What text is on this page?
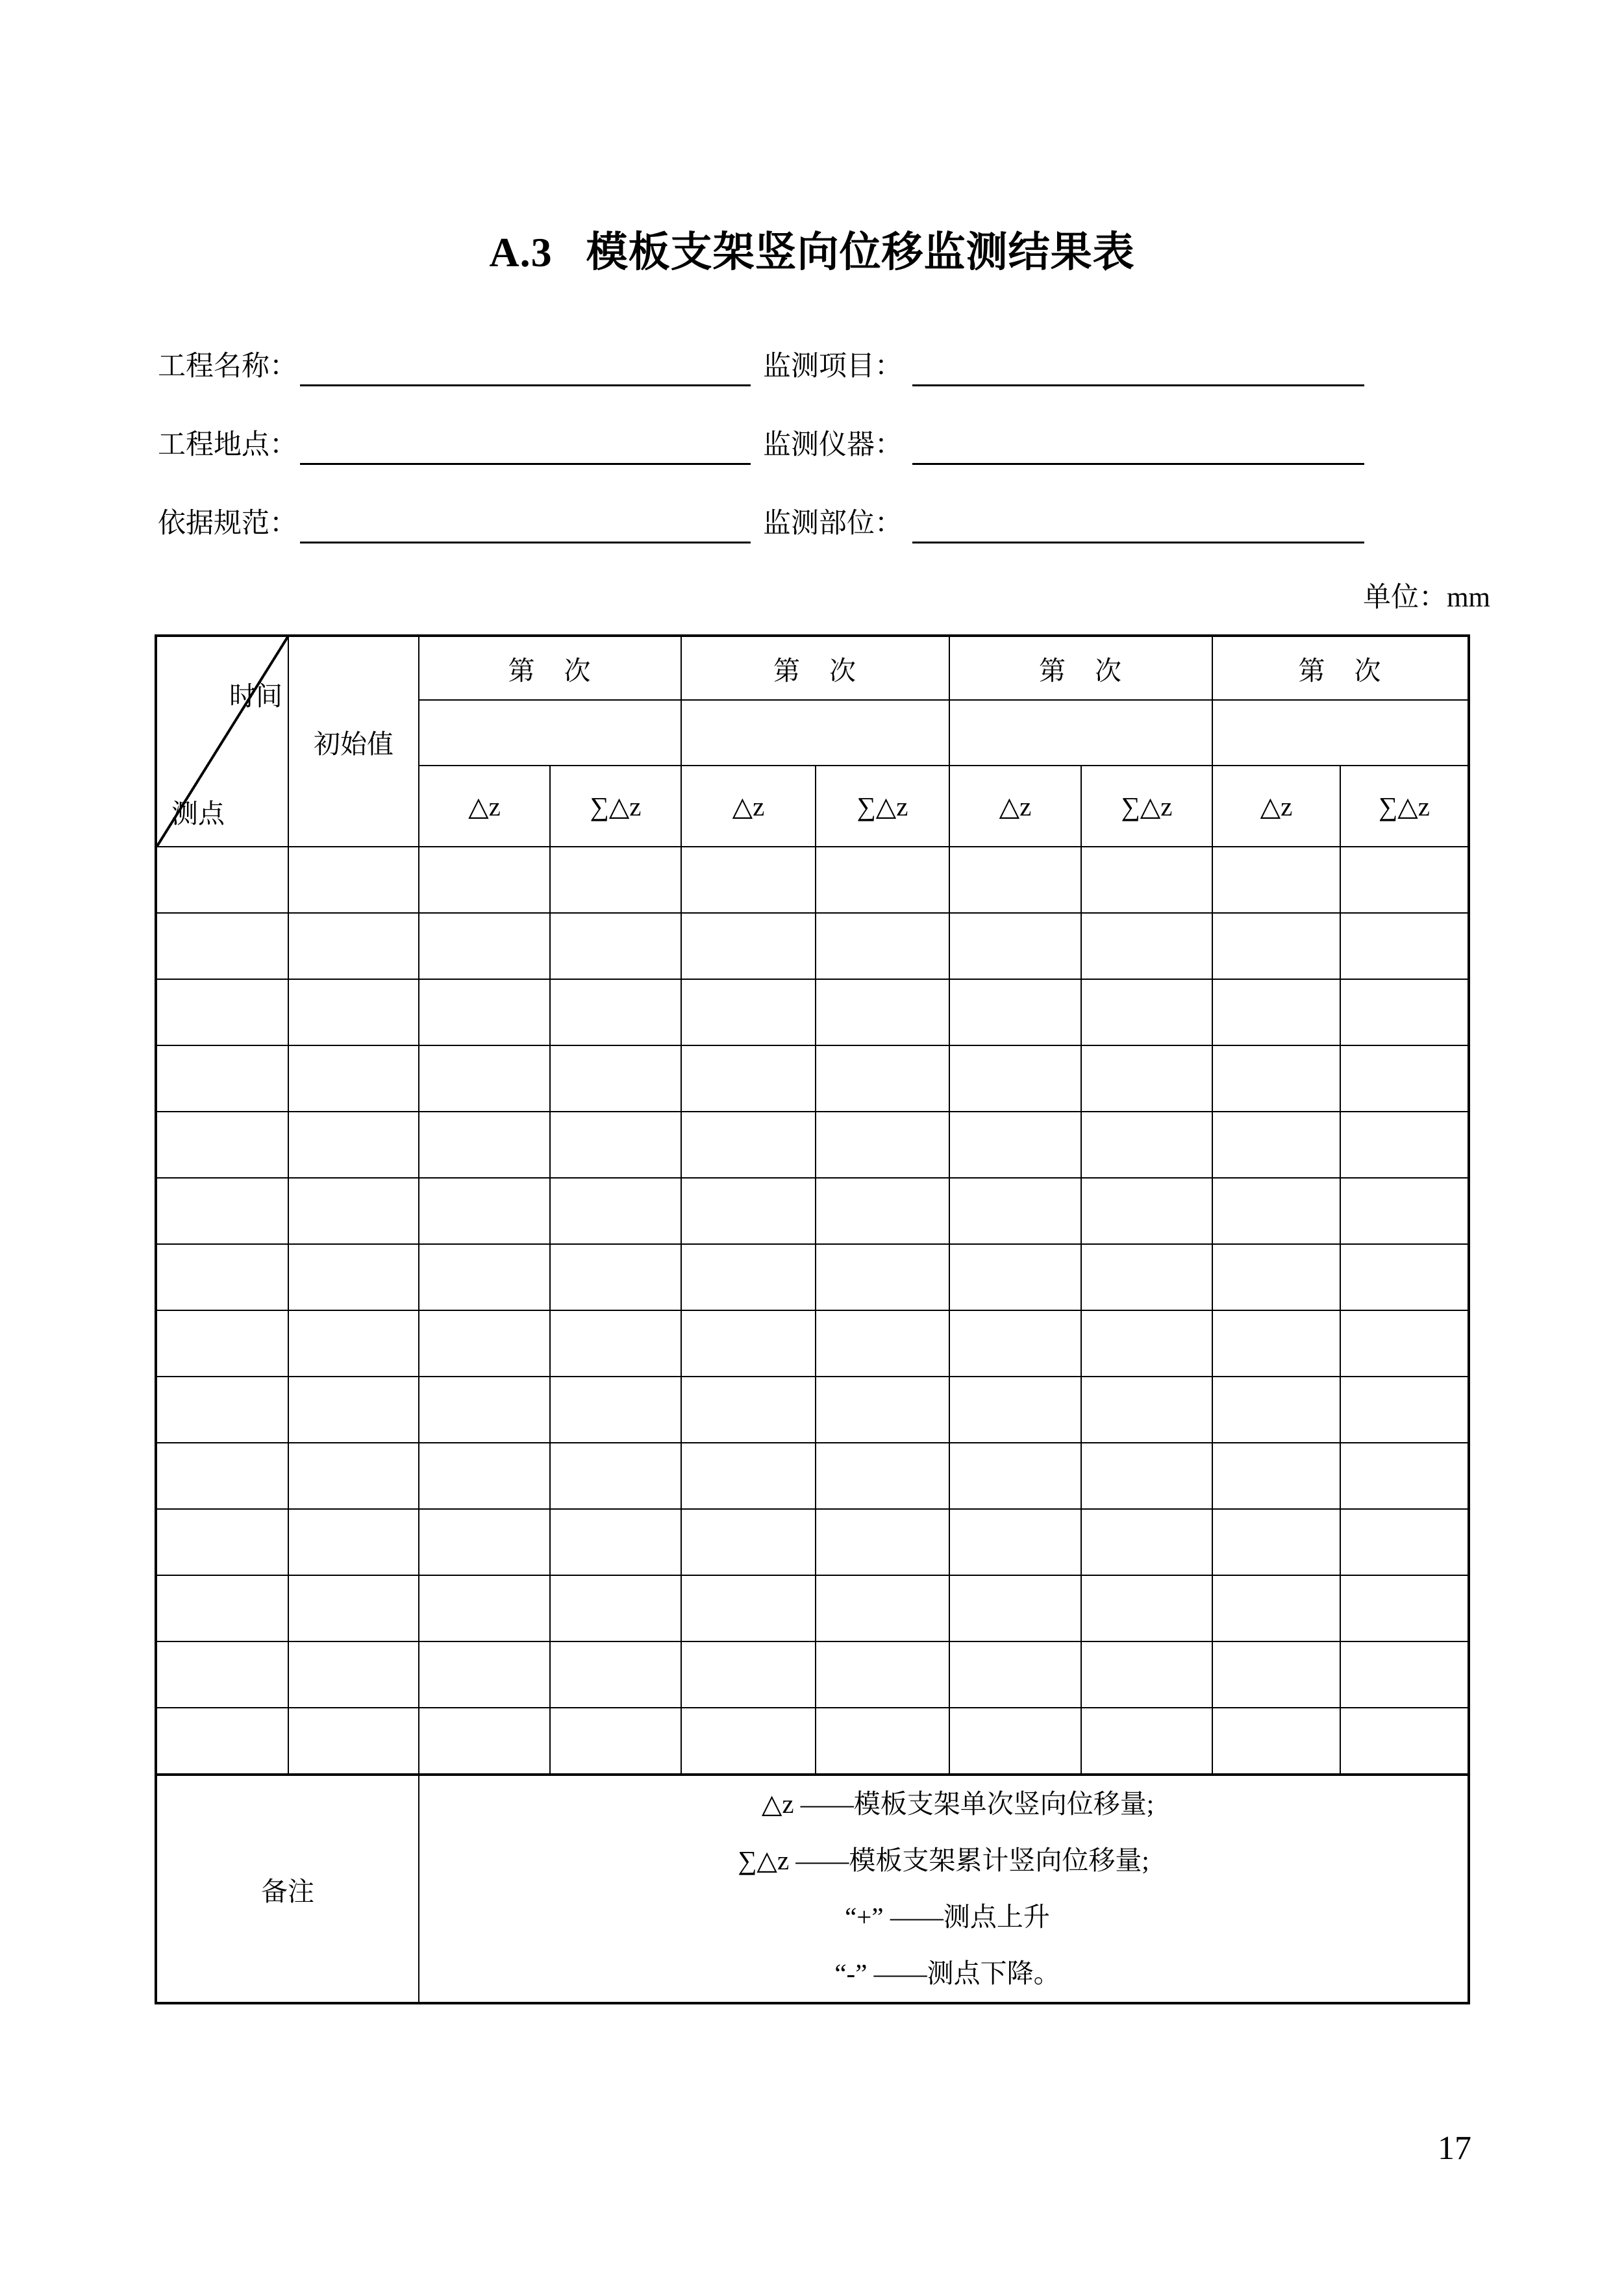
A.3 模板支架竖向位移监测结果表
工程名称：	监测项目：
工程地点：	监测仪器：
依据规范：	监测部位：
单位：mm
时间
测点	初始值	第　次		第　次		第　次		第　次	

		△z	∑△z	△z	∑△z	△z	∑△z	△z	∑△z

备注		△z ——模板支架单次竖向位移量;
∑△z ——模板支架累计竖向位移量;
“+” ——测点上升
“-” ——测点下降。							
17
